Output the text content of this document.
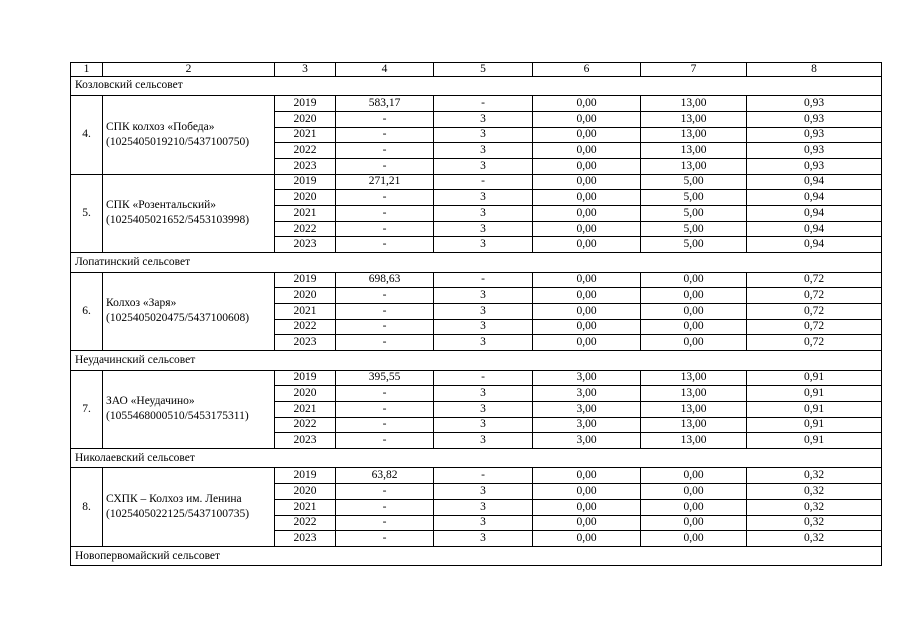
1	2	3	4	5	6	7	8
Козловский сельсовет							
4.	СПК колхоз «Победа» (1025405019210/5437100750)	2019	583,17	-	0,00	13,00	0,93
		2020	-	3	0,00	13,00	0,93
		2021	-	3	0,00	13,00	0,93
		2022	-	3	0,00	13,00	0,93
		2023	-	3	0,00	13,00	0,93
5.	СПК «Розентальский» (1025405021652/5453103998)	2019	271,21	-	0,00	5,00	0,94
		2020	-	3	0,00	5,00	0,94
		2021	-	3	0,00	5,00	0,94
		2022	-	3	0,00	5,00	0,94
		2023	-	3	0,00	5,00	0,94
Лопатинский сельсовет							
6.	Колхоз «Заря» (1025405020475/5437100608)	2019	698,63	-	0,00	0,00	0,72
		2020	-	3	0,00	0,00	0,72
		2021	-	3	0,00	0,00	0,72
		2022	-	3	0,00	0,00	0,72
		2023	-	3	0,00	0,00	0,72
Неудачинский сельсовет							
7.	ЗАО «Неудачино» (1055468000510/5453175311)	2019	395,55	-	3,00	13,00	0,91
		2020	-	3	3,00	13,00	0,91
		2021	-	3	3,00	13,00	0,91
		2022	-	3	3,00	13,00	0,91
		2023	-	3	3,00	13,00	0,91
Николаевский сельсовет							
8.	СХПК – Колхоз им. Ленина (1025405022125/5437100735)	2019	63,82	-	0,00	0,00	0,32
		2020	-	3	0,00	0,00	0,32
		2021	-	3	0,00	0,00	0,32
		2022	-	3	0,00	0,00	0,32
		2023	-	3	0,00	0,00	0,32
Новопервомайский сельсовет							
